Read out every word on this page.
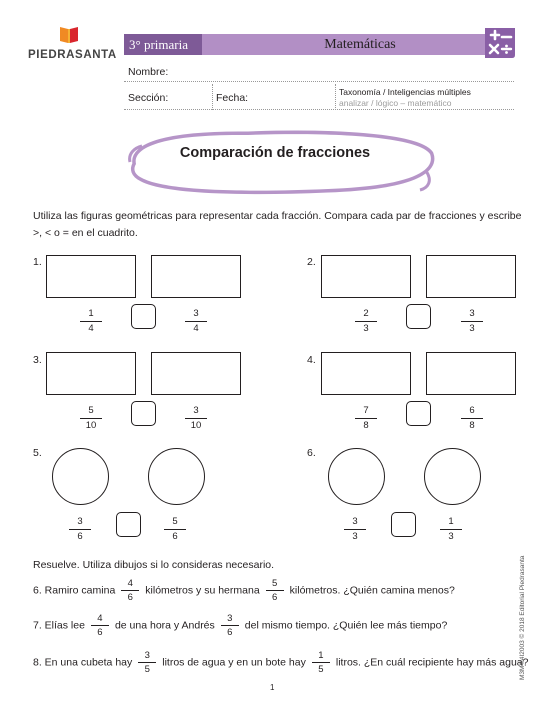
PIEDRASANTA
3° primaria	Matemáticas
Nombre:
Sección:	Fecha:	Taxonomía / Inteligencias múltiples
analizar / lógico – matemático
Comparación de fracciones
Utiliza las figuras geométricas para representar cada fracción. Compara cada par de fracciones y escribe >, < o = en el cuadrito.
1.
1
4
3
4
2.
2
3
3
3
3.
5
10
3
10
4.
7
8
6
8
5.
3
6
5
6
6.
3
3
1
3
Resuelve. Utiliza dibujos si lo consideras necesario.
6. Ramiro camina $\frac{4}{6}$ kilómetros y su hermana $\frac{5}{6}$ kilómetros. ¿Quién camina menos?
7. Elías lee $\frac{4}{6}$ de una hora y Andrés $\frac{3}{6}$ del mismo tiempo. ¿Quién lee más tiempo?
8. En una cubeta hay $\frac{3}{5}$ litros de agua y en un bote hay $\frac{1}{5}$ litros. ¿En cuál recipiente hay más agua?
M3M4I4I2003 © 2018 Editorial Piedrasanta
1
